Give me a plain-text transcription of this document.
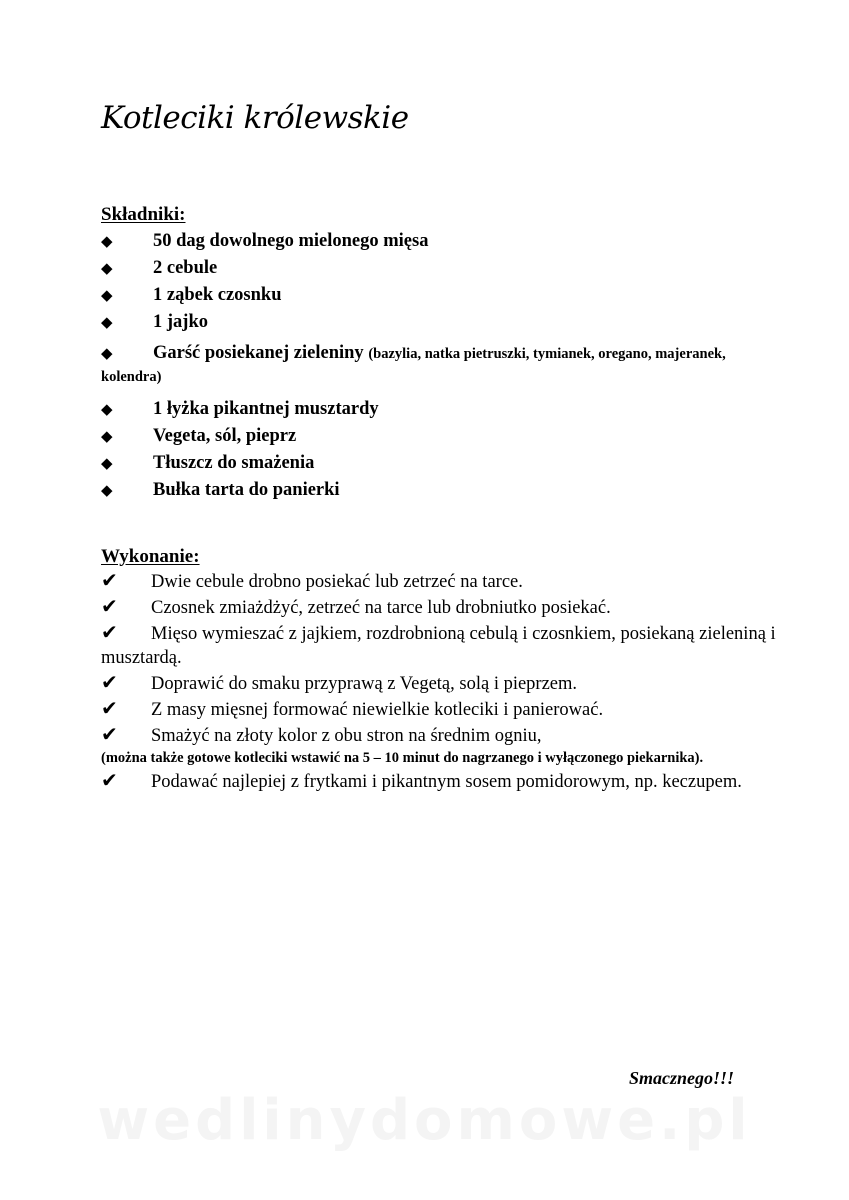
Kotleciki królewskie
Składniki:
◆ 50 dag dowolnego mielonego mięsa
◆ 2 cebule
◆ 1 ząbek czosnku
◆ 1 jajko
◆ Garść posiekanej zieleniny (bazylia, natka pietruszki, tymianek, oregano, majeranek, kolendra)
◆ 1 łyżka pikantnej musztardy
◆ Vegeta, sól, pieprz
◆ Tłuszcz do smażenia
◆ Bułka tarta do panierki
Wykonanie:
✔ Dwie cebule drobno posiekać lub zetrzeć na tarce.
✔ Czosnek zmiażdżyć, zetrzeć na tarce lub drobniutko posiekać.
✔ Mięso wymieszać z jajkiem, rozdrobnioną cebulą i czosnkiem, posiekaną zieleniną i musztardą.
✔ Doprawić do smaku przyprawą z Vegetą, solą i pieprzem.
✔ Z masy mięsnej formować niewielkie kotleciki i panierować.
✔ Smażyć na złoty kolor z obu stron na średnim ogniu,
(można także gotowe kotleciki wstawić na 5 – 10 minut do nagrzanego i wyłączonego piekarnika).
✔ Podawać najlepiej z frytkami i pikantnym sosem pomidorowym, np. keczupem.
Smacznego!!!
wedlinydomowe.pl
